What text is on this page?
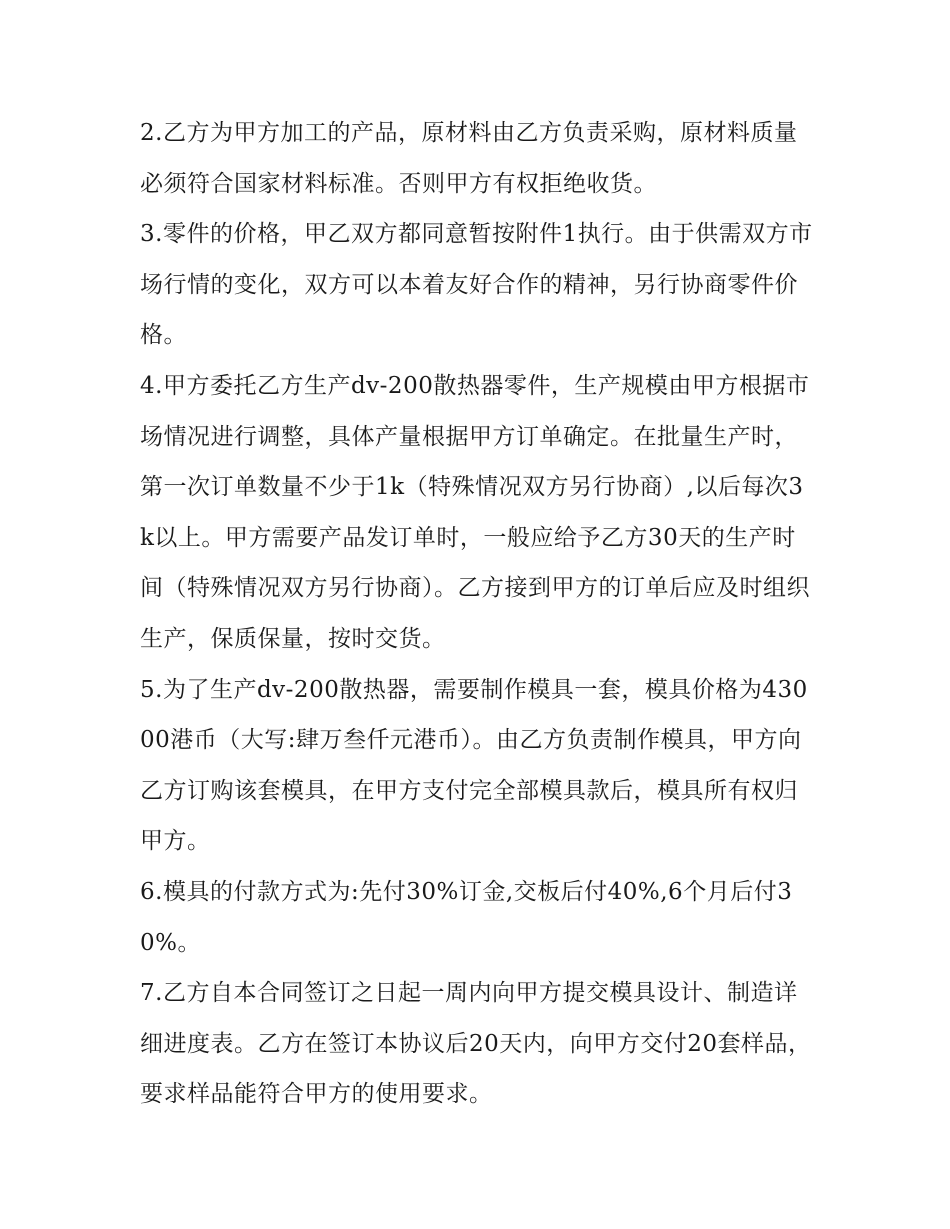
2.乙方为甲方加工的产品，原材料由乙方负责采购，原材料质量必须符合国家材料标准。否则甲方有权拒绝收货。

3.零件的价格，甲乙双方都同意暂按附件1执行。由于供需双方市场行情的变化，双方可以本着友好合作的精神，另行协商零件价格。

4.甲方委托乙方生产dv-200散热器零件，生产规模由甲方根据市场情况进行调整，具体产量根据甲方订单确定。在批量生产时，第一次订单数量不少于1k（特殊情况双方另行协商）,以后每次3k以上。甲方需要产品发订单时，一般应给予乙方30天的生产时间（特殊情况双方另行协商）。乙方接到甲方的订单后应及时组织生产，保质保量，按时交货。

5.为了生产dv-200散热器，需要制作模具一套，模具价格为43000港币（大写:肆万叁仟元港币）。由乙方负责制作模具，甲方向乙方订购该套模具，在甲方支付完全部模具款后，模具所有权归甲方。

6.模具的付款方式为:先付30%订金,交板后付40%,6个月后付30%。

7.乙方自本合同签订之日起一周内向甲方提交模具设计、制造详细进度表。乙方在签订本协议后20天内，向甲方交付20套样品，要求样品能符合甲方的使用要求。
